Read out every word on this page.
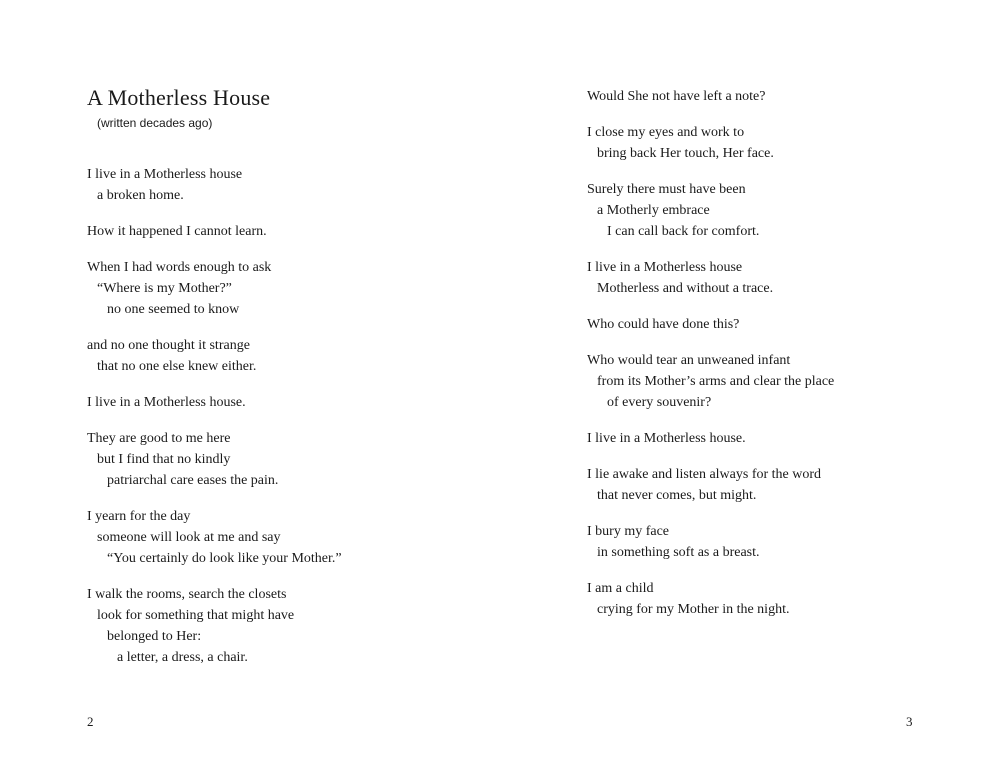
A Motherless House
(written decades ago)
I live in a Motherless house
a broken home.
How it happened I cannot learn.
When I had words enough to ask
“Where is my Mother?”
no one seemed to know
and no one thought it strange
that no one else knew either.
I live in a Motherless house.
They are good to me here
but I find that no kindly
patriarchal care eases the pain.
I yearn for the day
someone will look at me and say
“You certainly do look like your Mother.”
I walk the rooms, search the closets
look for something that might have
belonged to Her:
a letter, a dress, a chair.
2
Would She not have left a note?
I close my eyes and work to
bring back Her touch, Her face.
Surely there must have been
a Motherly embrace
I can call back for comfort.
I live in a Motherless house
Motherless and without a trace.
Who could have done this?
Who would tear an unweaned infant
from its Mother’s arms and clear the place
of every souvenir?
I live in a Motherless house.
I lie awake and listen always for the word
that never comes, but might.
I bury my face
in something soft as a breast.
I am a child
crying for my Mother in the night.
3
